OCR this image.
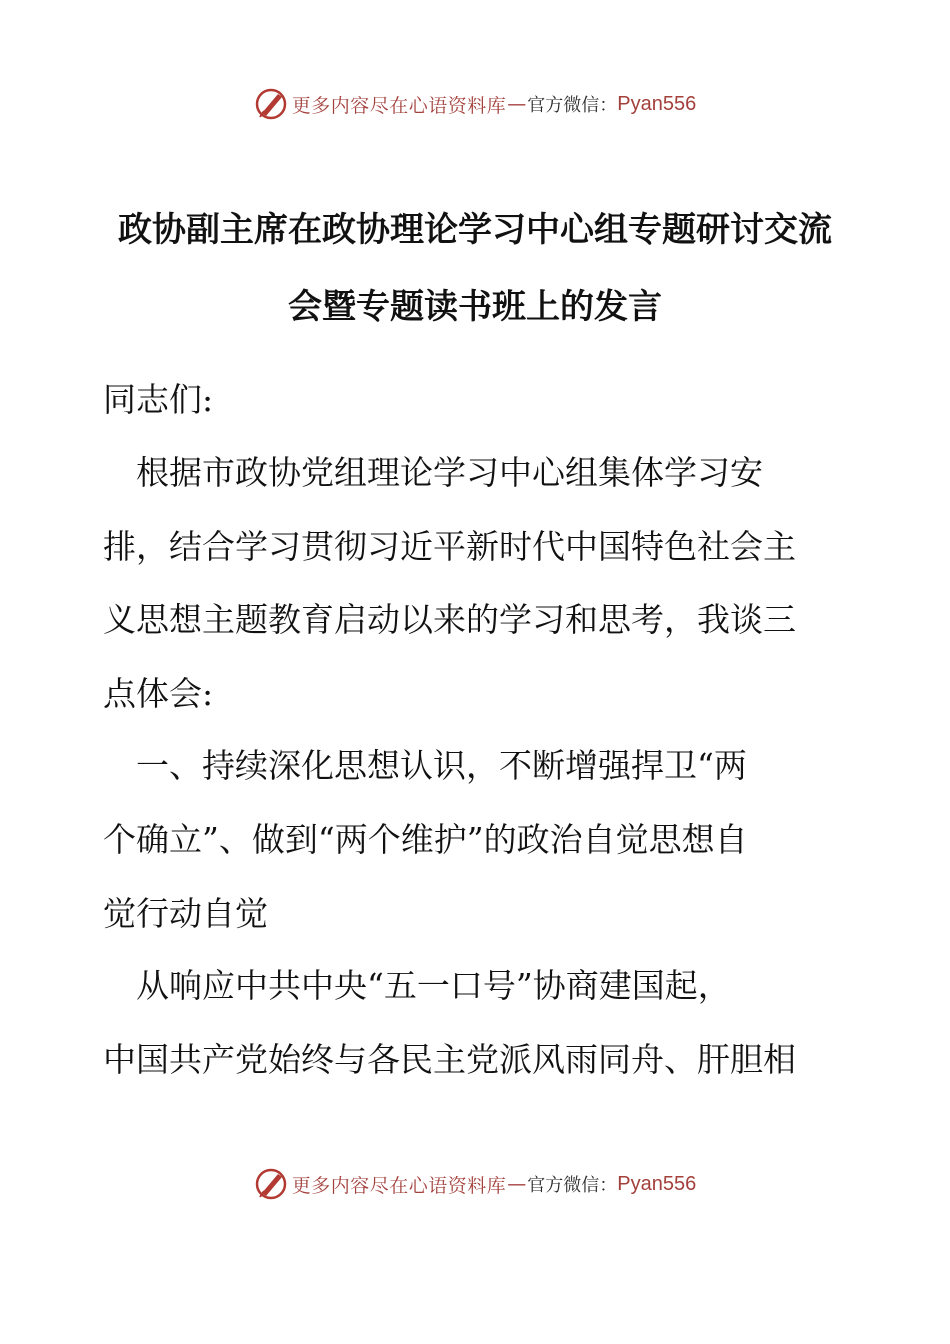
更多内容尽在心语资料库 — 官方微信： Pyan556
政协副主席在政协理论学习中心组专题研讨交流
会暨专题读书班上的发言
同志们:
　根据市政协党组理论学习中心组集体学习安
排，结合学习贯彻习近平新时代中国特色社会主
义思想主题教育启动以来的学习和思考，我谈三
点体会:
　一、持续深化思想认识，不断增强捍卫“两
个确立”、做到“两个维护”的政治自觉思想自
觉行动自觉
　从响应中共中央“五一口号”协商建国起，
中国共产党始终与各民主党派风雨同舟、肝胆相
更多内容尽在心语资料库 — 官方微信： Pyan556
